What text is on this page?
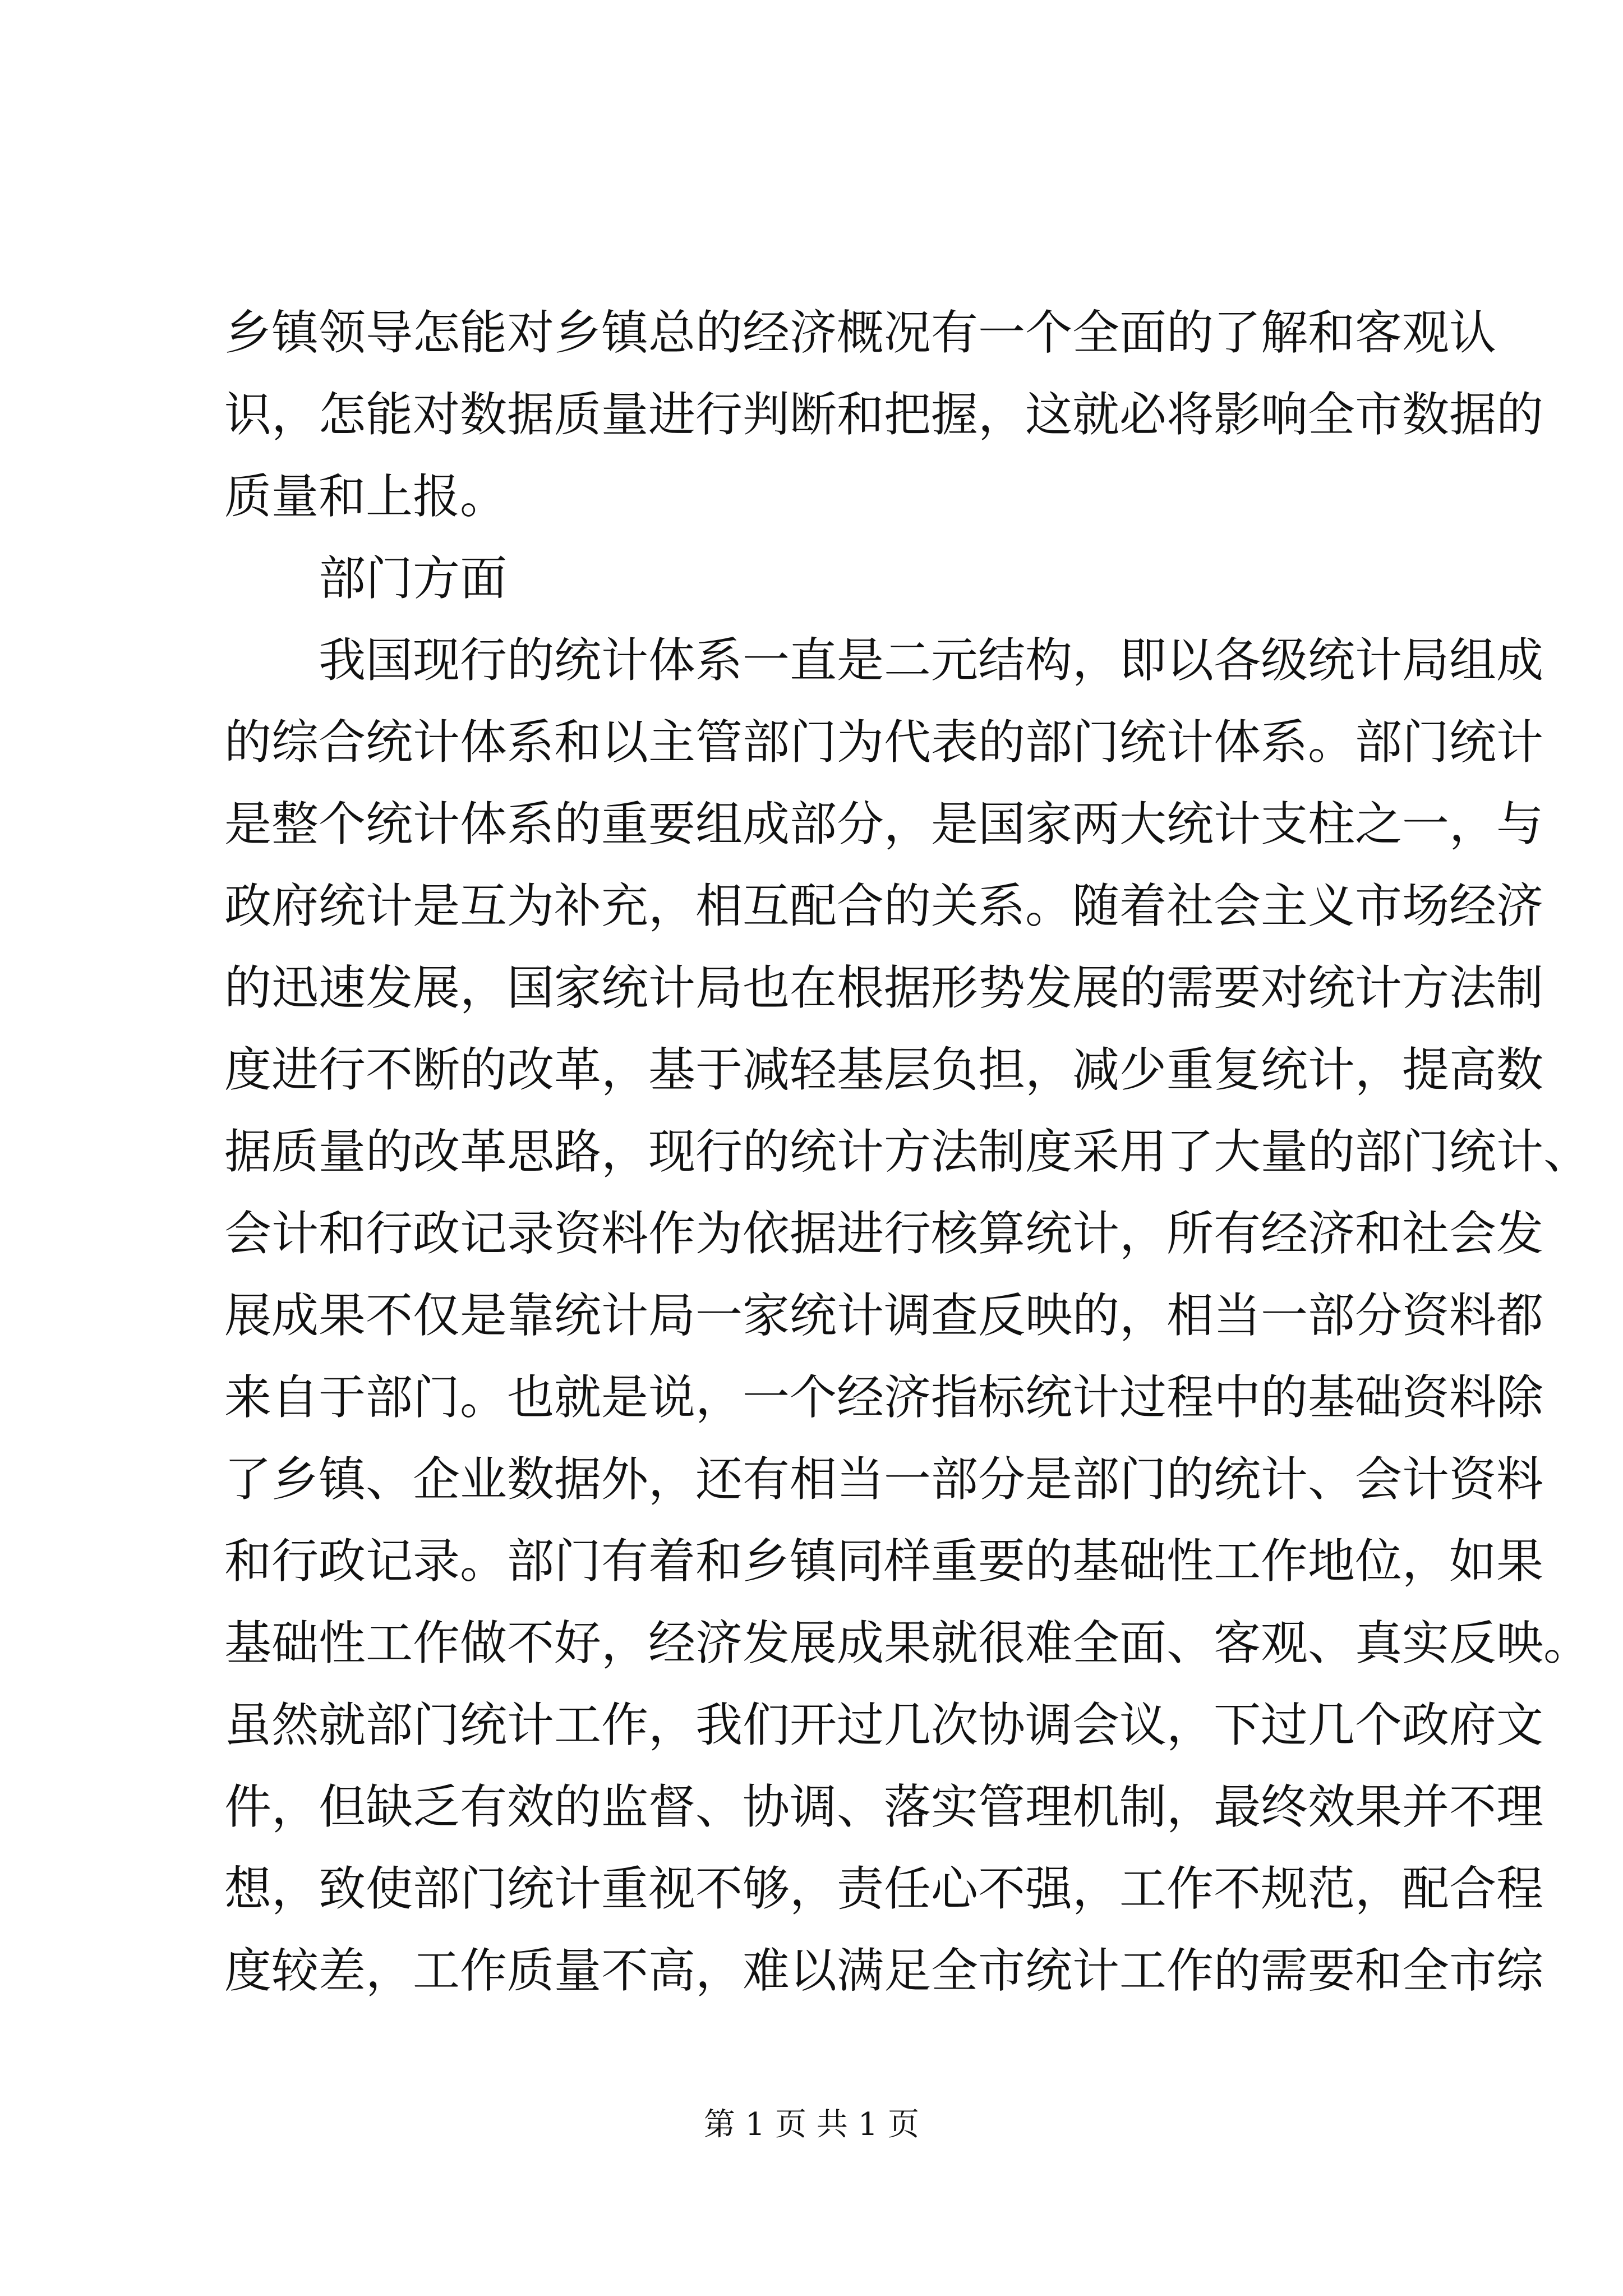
乡镇领导怎能对乡镇总的经济概况有一个全面的了解和客观认
识，怎能对数据质量进行判断和把握，这就必将影响全市数据的
质量和上报。
部门方面
我国现行的统计体系一直是二元结构，即以各级统计局组成
的综合统计体系和以主管部门为代表的部门统计体系。部门统计
是整个统计体系的重要组成部分，是国家两大统计支柱之一，与
政府统计是互为补充，相互配合的关系。随着社会主义市场经济
的迅速发展，国家统计局也在根据形势发展的需要对统计方法制
度进行不断的改革，基于减轻基层负担，减少重复统计，提高数
据质量的改革思路，现行的统计方法制度采用了大量的部门统计、
会计和行政记录资料作为依据进行核算统计，所有经济和社会发
展成果不仅是靠统计局一家统计调查反映的，相当一部分资料都
来自于部门。也就是说，一个经济指标统计过程中的基础资料除
了乡镇、企业数据外，还有相当一部分是部门的统计、会计资料
和行政记录。部门有着和乡镇同样重要的基础性工作地位，如果
基础性工作做不好，经济发展成果就很难全面、客观、真实反映。
虽然就部门统计工作，我们开过几次协调会议，下过几个政府文
件，但缺乏有效的监督、协调、落实管理机制，最终效果并不理
想，致使部门统计重视不够，责任心不强，工作不规范，配合程
度较差，工作质量不高，难以满足全市统计工作的需要和全市综
第 1 页 共 1 页
